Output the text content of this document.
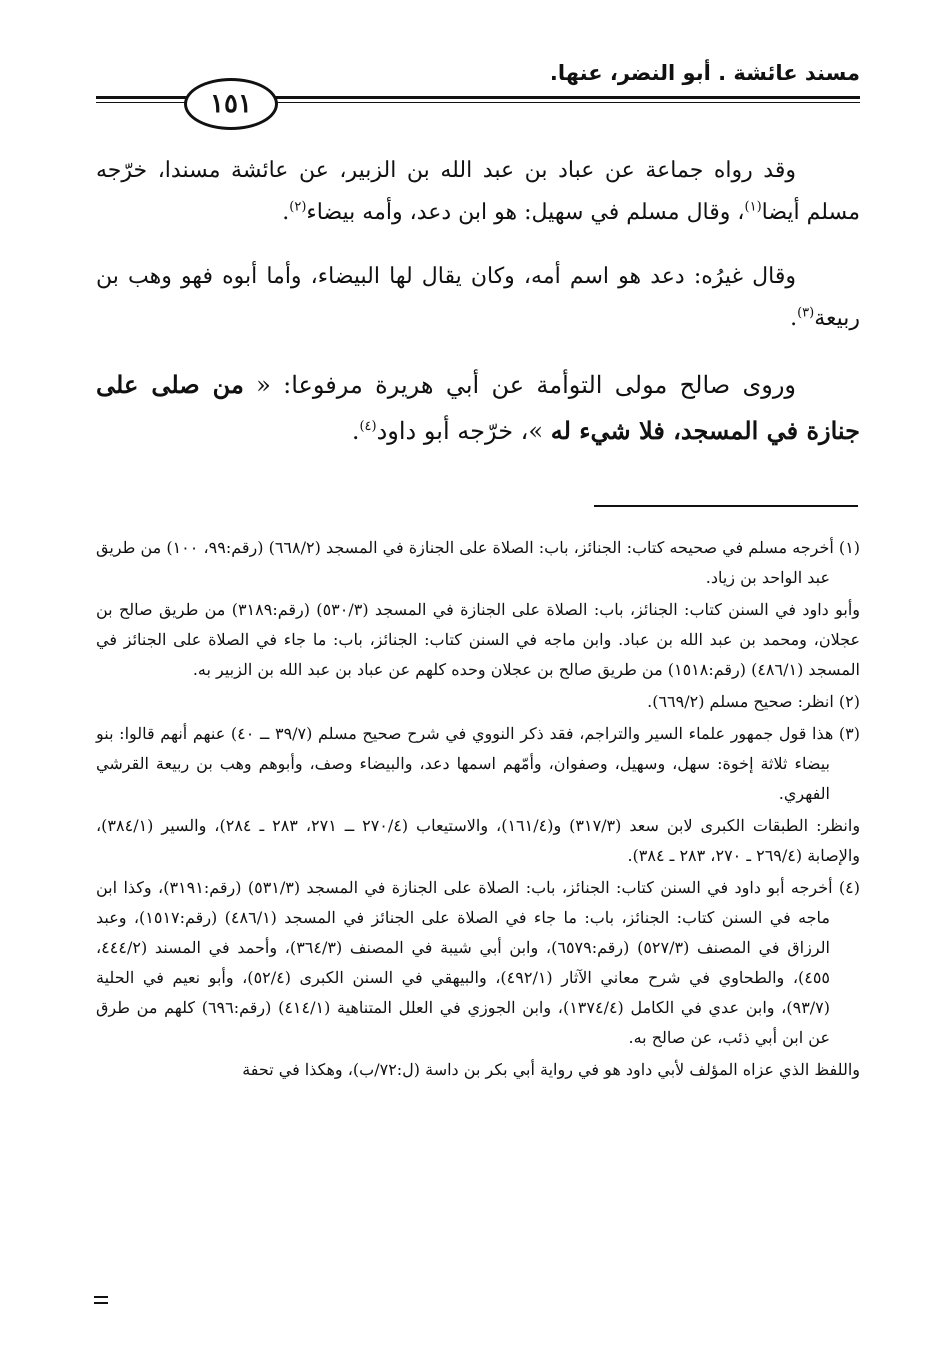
مسند عائشة . أبو النضر، عنها.
١٥١

وقد رواه جماعة عن عباد بن عبد الله بن الزبير، عن عائشة مسندا، خرّجه مسلم أيضا$^{(١)}$، وقال مسلم في سهيل: هو ابن دعد، وأمه بيضاء$^{(٢)}$.

وقال غيرُه: دعد هو اسم أمه، وكان يقال لها البيضاء، وأما أبوه فهو وهب بن ربيعة$^{(٣)}$.

وروى صالح مولى التوأمة عن أبي هريرة مرفوعا: « من صلى على جنازة في المسجد، فلا شيء له »، خرّجه أبو داود$^{(٤)}$.

(١) أخرجه مسلم في صحيحه كتاب: الجنائز، باب: الصلاة على الجنازة في المسجد (٦٦٨/٢) (رقم:٩٩، ١٠٠) من طريق عبد الواحد بن زياد.

وأبو داود في السنن كتاب: الجنائز، باب: الصلاة على الجنازة في المسجد (٥٣٠/٣) (رقم:٣١٨٩) من طريق صالح بن عجلان، ومحمد بن عبد الله بن عباد. وابن ماجه في السنن كتاب: الجنائز، باب: ما جاء في الصلاة على الجنائز في المسجد (٤٨٦/١) (رقم:١٥١٨) من طريق صالح بن عجلان وحده كلهم عن عباد بن عبد الله بن الزبير به.

(٢) انظر: صحيح مسلم (٦٦٩/٢).

(٣) هذا قول جمهور علماء السير والتراجم، فقد ذكر النووي في شرح صحيح مسلم (٣٩/٧ ــ ٤٠) عنهم أنهم قالوا: بنو بيضاء ثلاثة إخوة: سهل، وسهيل، وصفوان، وأمّهم اسمها دعد، والبيضاء وصف، وأبوهم وهب بن ربيعة القرشي الفهري.

وانظر: الطبقات الكبرى لابن سعد (٣١٧/٣) و(١٦١/٤)، والاستيعاب (٢٧٠/٤ ــ ٢٧١، ٢٨٣ ـ ٢٨٤)، والسير (٣٨٤/١)، والإصابة (٢٦٩/٤ ـ ٢٧٠، ٢٨٣ ـ ٣٨٤).

(٤) أخرجه أبو داود في السنن كتاب: الجنائز، باب: الصلاة على الجنازة في المسجد (٥٣١/٣) (رقم:٣١٩١)، وكذا ابن ماجه في السنن كتاب: الجنائز، باب: ما جاء في الصلاة على الجنائز في المسجد (٤٨٦/١) (رقم:١٥١٧)، وعبد الرزاق في المصنف (٥٢٧/٣) (رقم:٦٥٧٩)، وابن أبي شيبة في المصنف (٣٦٤/٣)، وأحمد في المسند (٤٤٤/٢، ٤٥٥)، والطحاوي في شرح معاني الآثار (٤٩٢/١)، والبيهقي في السنن الكبرى (٥٢/٤)، وأبو نعيم في الحلية (٩٣/٧)، وابن عدي في الكامل (١٣٧٤/٤)، وابن الجوزي في العلل المتناهية (٤١٤/١) (رقم:٦٩٦) كلهم من طرق عن ابن أبي ذئب، عن صالح به.

واللفظ الذي عزاه المؤلف لأبي داود هو في رواية أبي بكر بن داسة (ل:٧٢/ب)، وهكذا في تحفة
